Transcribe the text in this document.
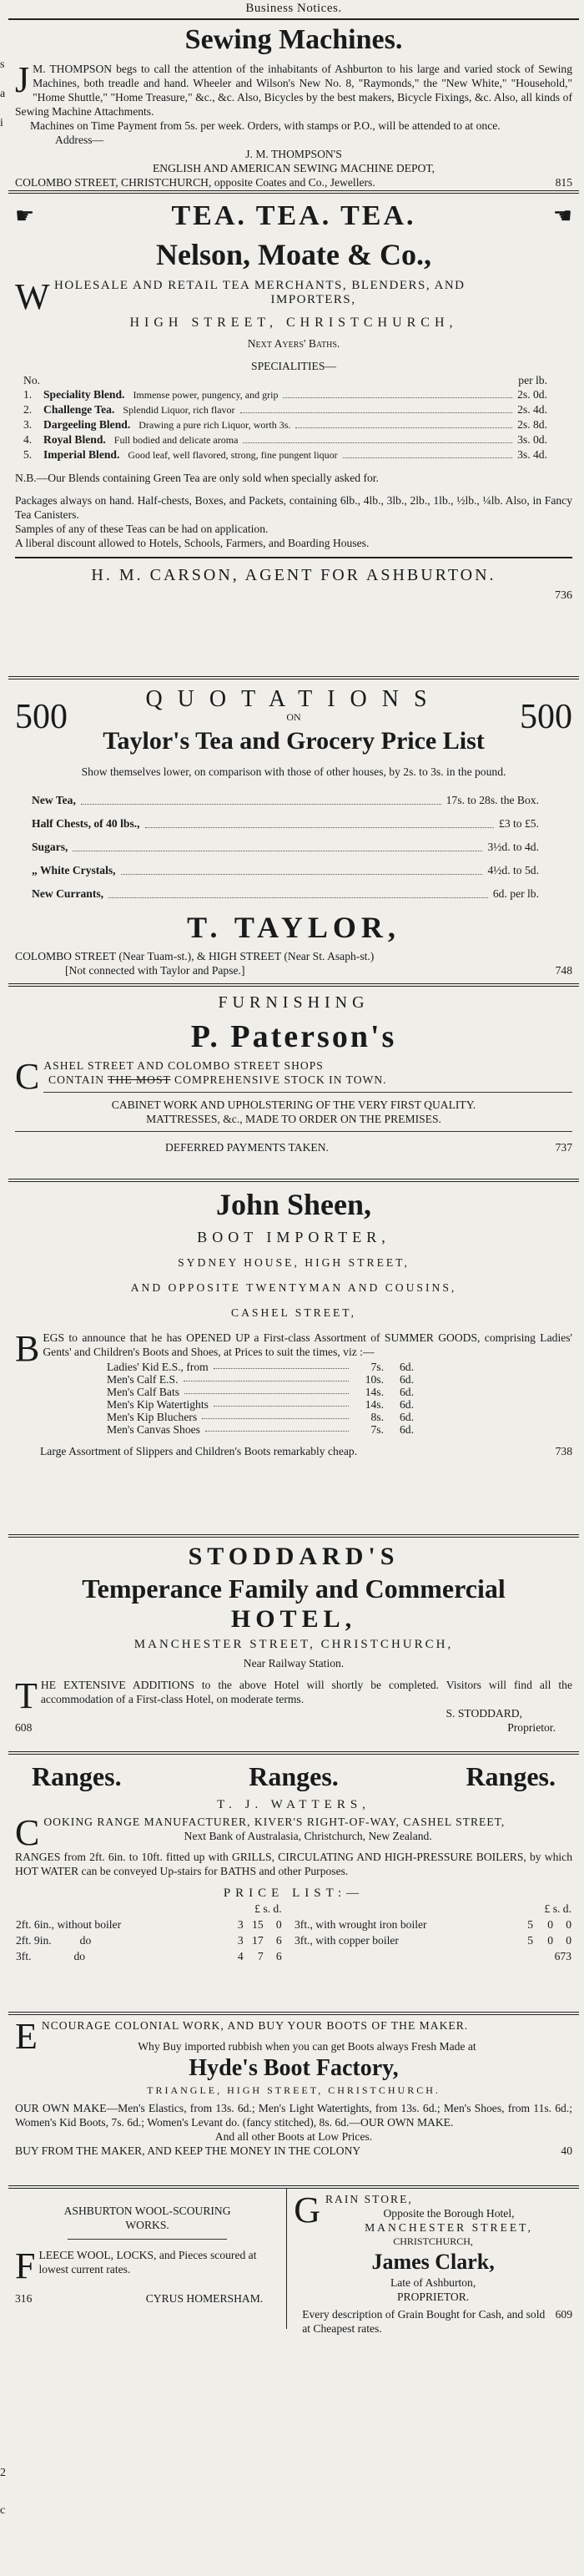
Business Notices.
Sewing Machines.
J M. THOMPSON begs to call the attention of the inhabitants of Ashburton to his large and varied stock of Sewing Machines, both treadle and hand. Wheeler and Wilson's New No. 8, "Raymonds," the "New White," "Household," "Home Shuttle," "Home Treasure," &c., &c. Also, Bicycles by the best makers, Bicycle Fixings, &c. Also, all kinds of Sewing Machine Attachments.
Machines on Time Payment from 5s. per week. Orders, with stamps or P.O., will be attended to at once.
Address—
J. M. THOMPSON'S
ENGLISH AND AMERICAN SEWING MACHINE DEPOT,
COLOMBO STREET, CHRISTCHURCH, opposite Coates and Co., Jewellers.	815
☛	TEA. TEA. TEA.	☚
Nelson, Moate & Co.,
WHOLESALE AND RETAIL TEA MERCHANTS, BLENDERS, AND
IMPORTERS,
HIGH STREET, CHRISTCHURCH,
Next Ayers' Baths.
SPECIALITIES—
No.	per lb.
1. Speciality Blend. Immense power, pungency, and grip	2s. 0d.
2. Challenge Tea. Splendid Liquor, rich flavor	2s. 4d.
3. Dargeeling Blend. Drawing a pure rich Liquor, worth 3s.	2s. 8d.
4. Royal Blend. Full bodied and delicate aroma	3s. 0d.
5. Imperial Blend. Good leaf, well flavored, strong, fine pungent liquor	3s. 4d.
N.B.—Our Blends containing Green Tea are only sold when specially asked for.
Packages always on hand. Half-chests, Boxes, and Packets, containing 6lb., 4lb., 3lb., 2lb., 1lb., ½lb., ¼lb. Also, in Fancy Tea Canisters.
Samples of any of these Teas can be had on application.
A liberal discount allowed to Hotels, Schools, Farmers, and Boarding Houses.
H. M. CARSON, AGENT FOR ASHBURTON.
736
500	QUOTATIONS
ON	500
Taylor's Tea and Grocery Price List
Show themselves lower, on comparison with those of other houses, by 2s. to 3s. in the pound.
New Tea,	17s. to 28s. the Box.
Half Chests, of 40 lbs.,	£3 to £5.
Sugars,	3½d. to 4d.
„ White Crystals,	4½d. to 5d.
New Currants,	6d. per lb.
T. TAYLOR,
COLOMBO STREET (Near Tuam-st.), & HIGH STREET (Near St. Asaph-st.)
[Not connected with Taylor and Papse.]	748
FURNISHING
P. Paterson's
CASHEL STREET AND COLOMBO STREET SHOPS
CONTAIN THE MOST COMPREHENSIVE STOCK IN TOWN.
CABINET WORK AND UPHOLSTERING OF THE VERY FIRST QUALITY.
MATTRESSES, &c., MADE TO ORDER ON THE PREMISES.
DEFERRED PAYMENTS TAKEN.	737
John Sheen,
BOOT IMPORTER,
SYDNEY HOUSE, HIGH STREET,
AND OPPOSITE TWENTYMAN AND COUSINS,
CASHEL STREET,
BEGS to announce that he has OPENED UP a First-class Assortment of SUMMER GOODS, comprising Ladies' Gents' and Children's Boots and Shoes, at Prices to suit the times, viz :—
Ladies' Kid E.S., from	7s.	6d.
Men's Calf E.S.	10s.	6d.
Men's Calf Bats	14s.	6d.
Men's Kip Watertights	14s.	6d.
Men's Kip Bluchers	8s.	6d.
Men's Canvas Shoes	7s.	6d.
Large Assortment of Slippers and Children's Boots remarkably cheap.	738
STODDARD'S
Temperance Family and Commercial
HOTEL,
MANCHESTER STREET, CHRISTCHURCH,
Near Railway Station.
THE EXTENSIVE ADDITIONS to the above Hotel will shortly be completed. Visitors will find all the accommodation of a First-class Hotel, on moderate terms.
S. STODDARD,
608	Proprietor.
Ranges.	Ranges.	Ranges.
T. J. WATTERS,
COOKING RANGE MANUFACTURER, KIVER'S RIGHT-OF-WAY, CASHEL STREET,
Next Bank of Australasia, Christchurch, New Zealand.
RANGES from 2ft. 6in. to 10ft. fitted up with GRILLS, CIRCULATING AND HIGH-PRESSURE BOILERS, by which HOT WATER can be conveyed Up-stairs for BATHS and other Purposes.
PRICE LIST:—
	£ s. d.		
2ft. 6in., without boiler	3	15	0
2ft. 9in.          do	3	17	6
3ft.               do	4	7	6
	£ s. d.		
3ft., with wrought iron boiler	5	0	0
3ft., with copper boiler	5	0	0
673			
ENCOURAGE COLONIAL WORK, AND BUY YOUR BOOTS OF THE MAKER.
Why Buy imported rubbish when you can get Boots always Fresh Made at
Hyde's Boot Factory,
TRIANGLE, HIGH STREET, CHRISTCHURCH.
OUR OWN MAKE—Men's Elastics, from 13s. 6d.; Men's Light Watertights, from 13s. 6d.; Men's Shoes, from 11s. 6d.; Women's Kid Boots, 7s. 6d.; Women's Levant do. (fancy stitched), 8s. 6d.—OUR OWN MAKE.
And all other Boots at Low Prices.
BUY FROM THE MAKER, AND KEEP THE MONEY IN THE COLONY	40
ASHBURTON WOOL-SCOURING
WORKS.
FLEECE WOOL, LOCKS, and Pieces scoured at lowest current rates.
316	CYRUS HOMERSHAM.
GRAIN STORE,
Opposite the Borough Hotel,
MANCHESTER STREET,
CHRISTCHURCH,
James Clark,
Late of Ashburton,
PROPRIETOR.
Every description of Grain Bought for Cash, and sold at Cheapest rates.
609
s
a
i
2
c
